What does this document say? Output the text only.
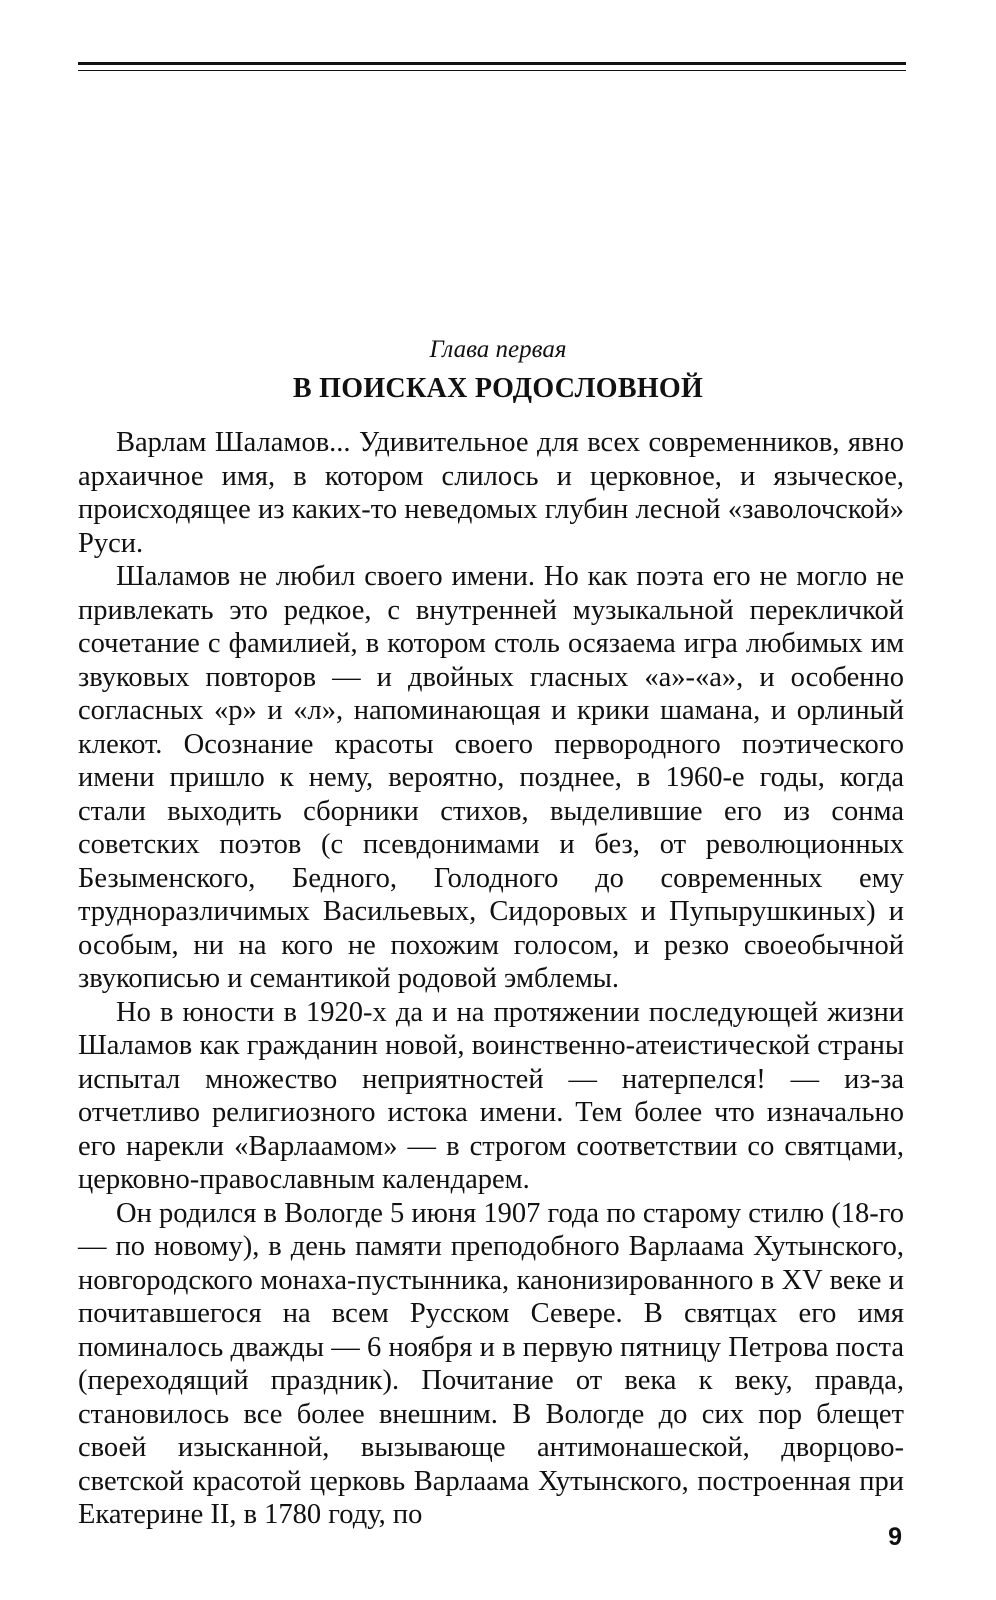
Глава первая
В ПОИСКАХ РОДОСЛОВНОЙ

Варлам Шаламов... Удивительное для всех современников, явно архаичное имя, в котором слилось и церковное, и языческое, происходящее из каких-то неведомых глубин лесной «заволочской» Руси.

Шаламов не любил своего имени. Но как поэта его не могло не привлекать это редкое, с внутренней музыкальной перекличкой сочетание с фамилией, в котором столь осязаема игра любимых им звуковых повторов — и двойных гласных «а»-«а», и особенно согласных «р» и «л», напоминающая и крики шамана, и орлиный клекот. Осознание красоты своего первородного поэтического имени пришло к нему, вероятно, позднее, в 1960-е годы, когда стали выходить сборники стихов, выделившие его из сонма советских поэтов (с псевдонимами и без, от революционных Безыменского, Бедного, Голодного до современных ему трудноразличимых Васильевых, Сидоровых и Пупырушкиных) и особым, ни на кого не похожим голосом, и резко своеобычной звукописью и семантикой родовой эмблемы.

Но в юности в 1920-х да и на протяжении последующей жизни Шаламов как гражданин новой, воинственно-атеистической страны испытал множество неприятностей — натерпелся! — из-за отчетливо религиозного истока имени. Тем более что изначально его нарекли «Варлаамом» — в строгом соответствии со святцами, церковно-православным календарем.

Он родился в Вологде 5 июня 1907 года по старому стилю (18-го — по новому), в день памяти преподобного Варлаама Хутынского, новгородского монаха-пустынника, канонизированного в XV веке и почитавшегося на всем Русском Севере. В святцах его имя поминалось дважды — 6 ноября и в первую пятницу Петрова поста (переходящий праздник). Почитание от века к веку, правда, становилось все более внешним. В Вологде до сих пор блещет своей изысканной, вызывающе антимонашеской, дворцово-светской красотой церковь Варлаама Хутынского, построенная при Екатерине II, в 1780 году, по

9
